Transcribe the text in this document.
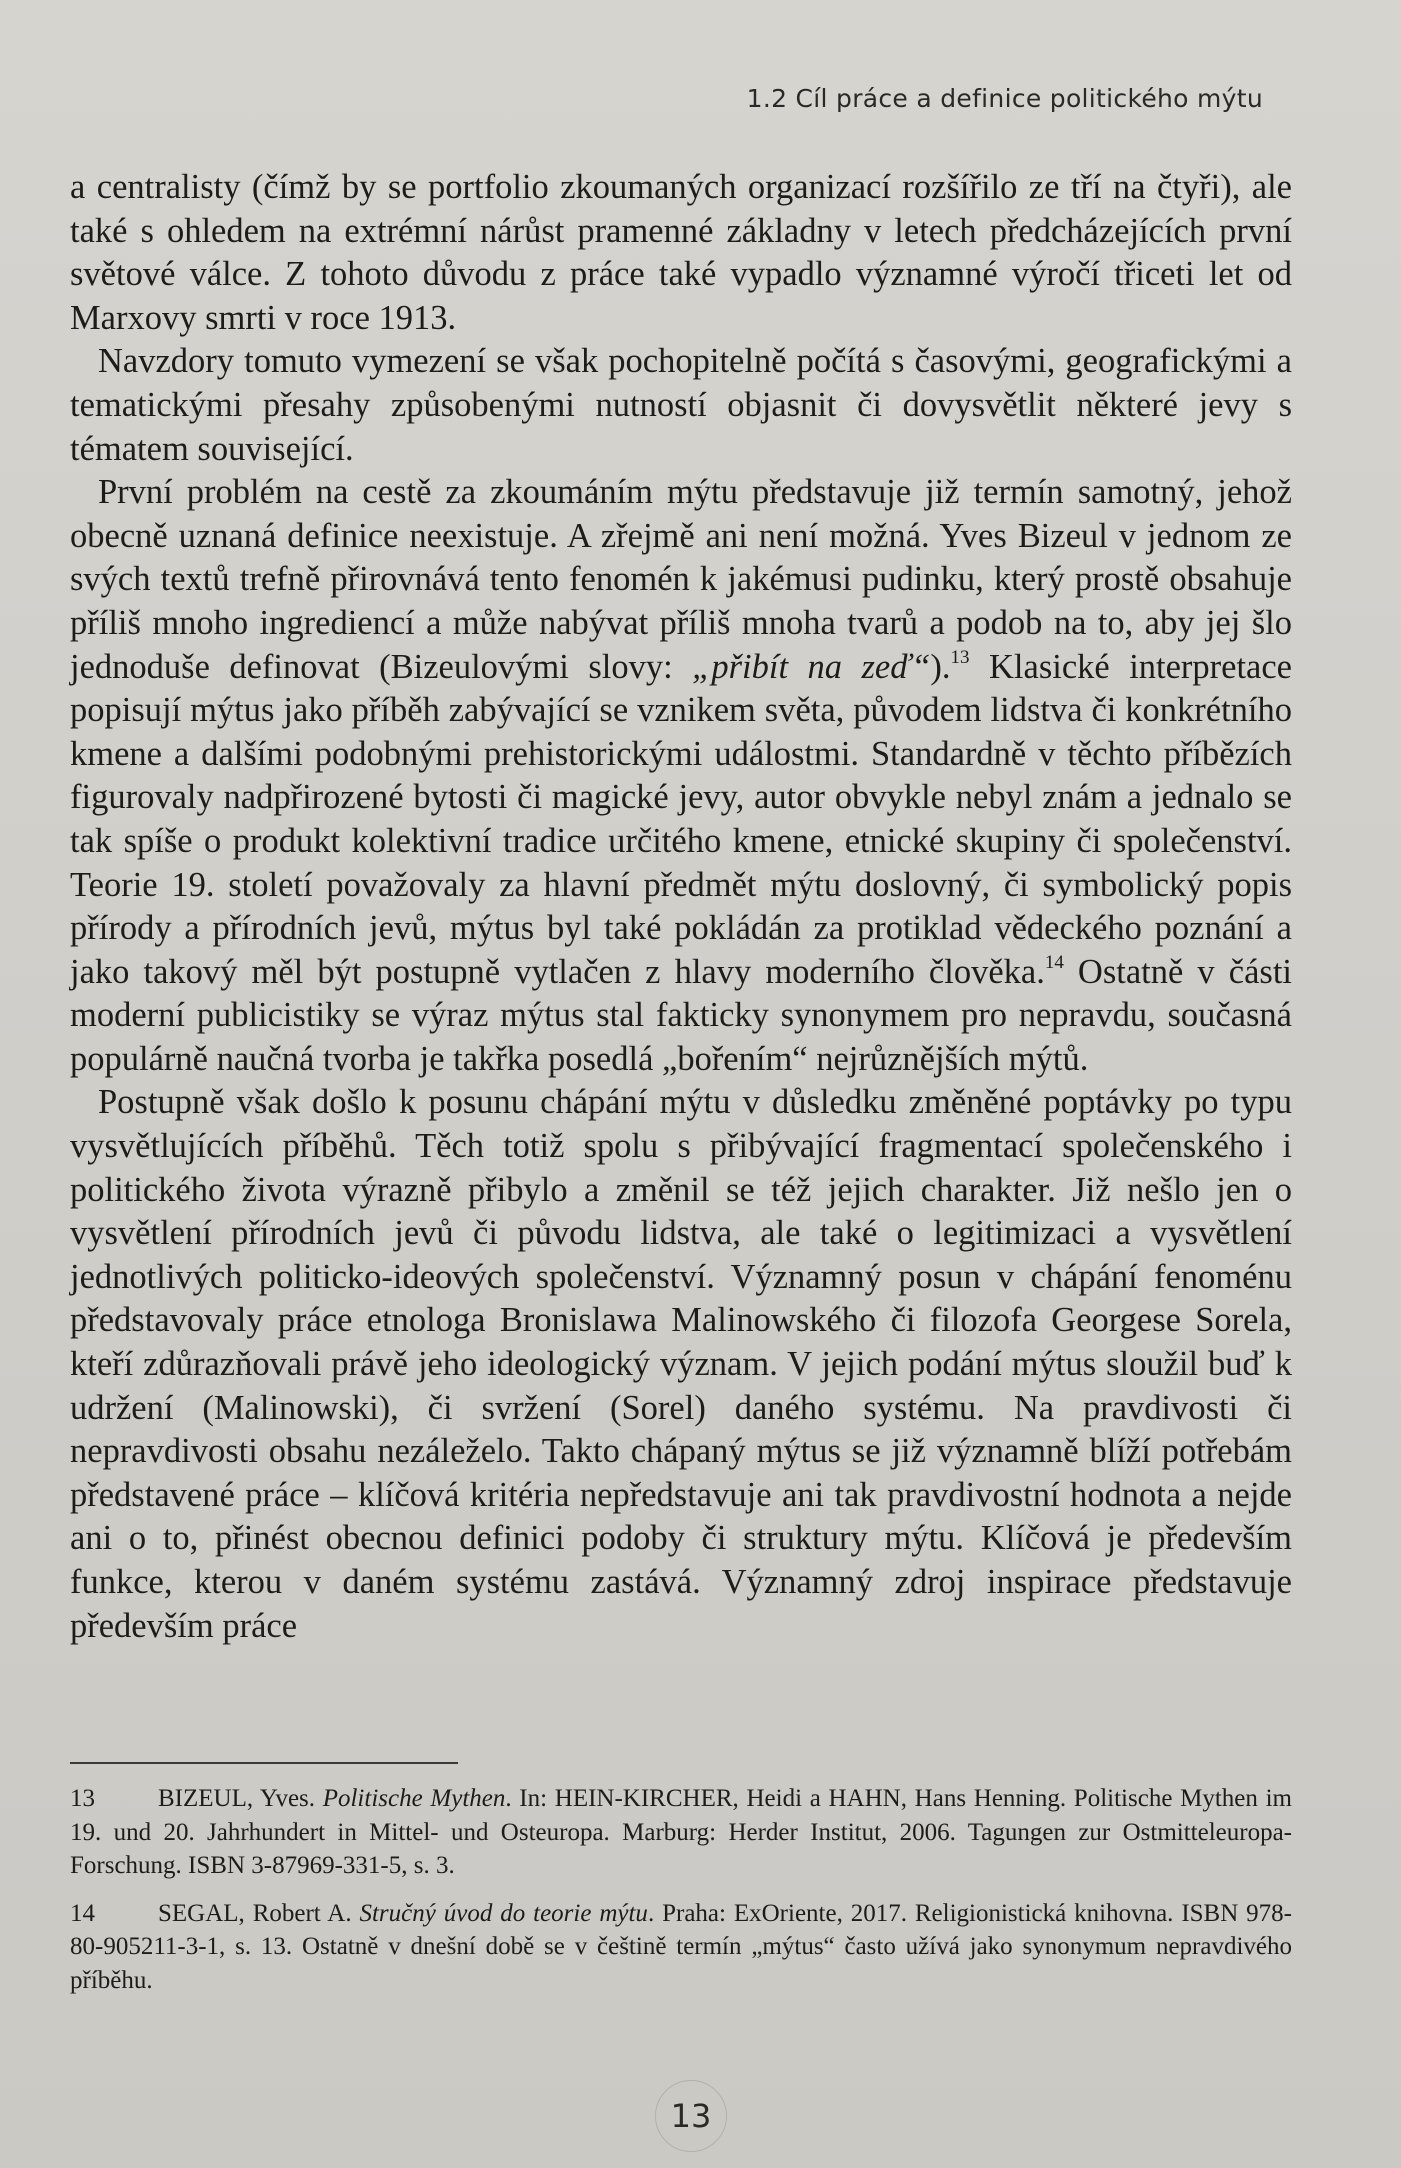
1.2 Cíl práce a definice politického mýtu

a centralisty (čímž by se portfolio zkoumaných organizací rozšířilo ze tří na čtyři), ale také s ohledem na extrémní nárůst pramenné základny v letech předcházejících první světové válce. Z tohoto důvodu z práce také vypadlo významné výročí třiceti let od Marxovy smrti v roce 1913.

Navzdory tomuto vymezení se však pochopitelně počítá s časovými, geografickými a tematickými přesahy způsobenými nutností objasnit či dovysvětlit některé jevy s tématem související.

První problém na cestě za zkoumáním mýtu představuje již termín samotný, jehož obecně uznaná definice neexistuje. A zřejmě ani není možná. Yves Bizeul v jednom ze svých textů trefně přirovnává tento fenomén k jakémusi pudinku, který prostě obsahuje příliš mnoho ingrediencí a může nabývat příliš mnoha tvarů a podob na to, aby jej šlo jednoduše definovat (Bizeulovými slovy: „přibít na zeď“).$^{13}$ Klasické interpretace popisují mýtus jako příběh zabývající se vznikem světa, původem lidstva či konkrétního kmene a dalšími podobnými prehistorickými událostmi. Standardně v těchto příbězích figurovaly nadpřirozené bytosti či magické jevy, autor obvykle nebyl znám a jednalo se tak spíše o produkt kolektivní tradice určitého kmene, etnické skupiny či společenství. Teorie 19. století považovaly za hlavní předmět mýtu doslovný, či symbolický popis přírody a přírodních jevů, mýtus byl také pokládán za protiklad vědeckého poznání a jako takový měl být postupně vytlačen z hlavy moderního člověka.$^{14}$ Ostatně v části moderní publicistiky se výraz mýtus stal fakticky synonymem pro nepravdu, současná populárně naučná tvorba je takřka posedlá „bořením“ nejrůznějších mýtů.

Postupně však došlo k posunu chápání mýtu v důsledku změněné poptávky po typu vysvětlujících příběhů. Těch totiž spolu s přibývající fragmentací společenského i politického života výrazně přibylo a změnil se též jejich charakter. Již nešlo jen o vysvětlení přírodních jevů či původu lidstva, ale také o legitimizaci a vysvětlení jednotlivých politicko-ideových společenství. Významný posun v chápání fenoménu představovaly práce etnologa Bronislawa Malinowského či filozofa Georgese Sorela, kteří zdůrazňovali právě jeho ideologický význam. V jejich podání mýtus sloužil buď k udržení (Malinowski), či svržení (Sorel) daného systému. Na pravdivosti či nepravdivosti obsahu nezáleželo. Takto chápaný mýtus se již významně blíží potřebám představené práce – klíčová kritéria nepředstavuje ani tak pravdivostní hodnota a nejde ani o to, přinést obecnou definici podoby či struktury mýtu. Klíčová je především funkce, kterou v daném systému zastává. Významný zdroj inspirace představuje především práce

13	BIZEUL, Yves. Politische Mythen. In: HEIN-KIRCHER, Heidi a HAHN, Hans Henning. Politische Mythen im 19. und 20. Jahrhundert in Mittel- und Osteuropa. Marburg: Herder Institut, 2006. Tagungen zur Ostmitteleuropa-Forschung. ISBN 3-87969-331-5, s. 3.

14	SEGAL, Robert A. Stručný úvod do teorie mýtu. Praha: ExOriente, 2017. Religionistická knihovna. ISBN 978-80-905211-3-1, s. 13. Ostatně v dnešní době se v češtině termín „mýtus“ často užívá jako synonymum nepravdivého příběhu.

13
